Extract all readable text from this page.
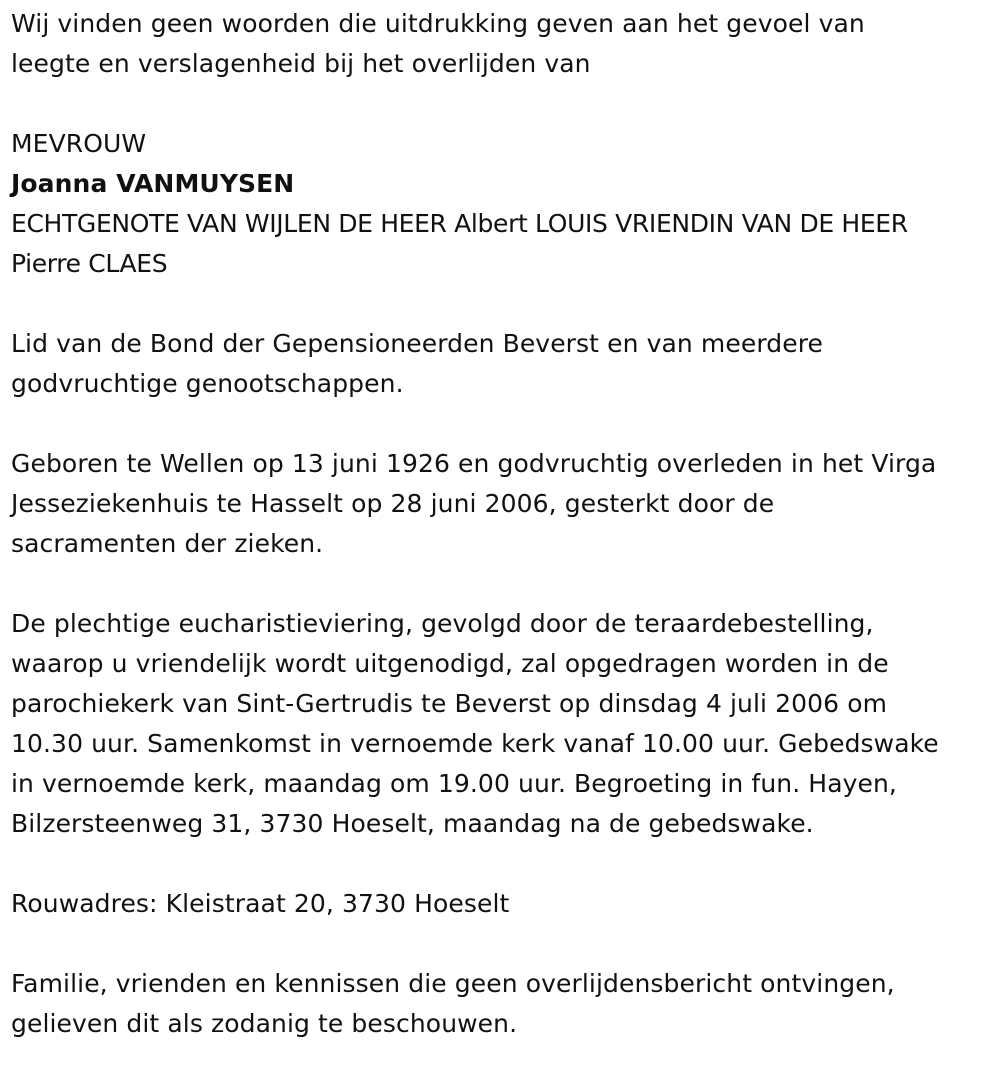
Wij vinden geen woorden die uitdrukking geven aan het gevoel van
leegte en verslagenheid bij het overlijden van

MEVROUW

Joanna VANMUYSEN

ECHTGENOTE VAN WIJLEN DE HEER Albert LOUIS VRIENDIN VAN DE HEER
Pierre CLAES

Lid van de Bond der Gepensioneerden Beverst en van meerdere
godvruchtige genootschappen.

Geboren te Wellen op 13 juni 1926 en godvruchtig overleden in het Virga
Jesseziekenhuis te Hasselt op 28 juni 2006, gesterkt door de
sacramenten der zieken.

De plechtige eucharistieviering, gevolgd door de teraardebestelling,
waarop u vriendelijk wordt uitgenodigd, zal opgedragen worden in de
parochiekerk van Sint-Gertrudis te Beverst op dinsdag 4 juli 2006 om
10.30 uur. Samenkomst in vernoemde kerk vanaf 10.00 uur. Gebedswake
in vernoemde kerk, maandag om 19.00 uur. Begroeting in fun. Hayen,
Bilzersteenweg 31, 3730 Hoeselt, maandag na de gebedswake.

Rouwadres: Kleistraat 20, 3730 Hoeselt

Familie, vrienden en kennissen die geen overlijdensbericht ontvingen,
gelieven dit als zodanig te beschouwen.
